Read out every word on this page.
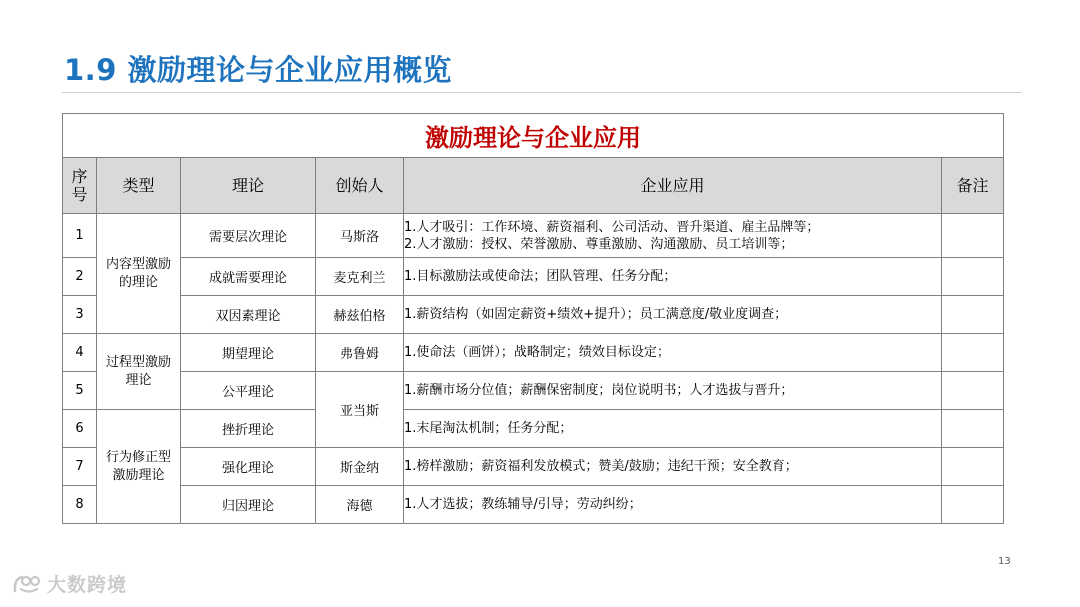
1.9 激励理论与企业应用概览
激励理论与企业应用					
序
号	类型	理论	创始人	企业应用	备注
1	内容型激励的理论	需要层次理论	马斯洛	1.人才吸引：工作环境、薪资福利、公司活动、晋升渠道、雇主品牌等；
2.人才激励：授权、荣誉激励、尊重激励、沟通激励、员工培训等；	
2		成就需要理论	麦克利兰	1.目标激励法或使命法；团队管理、任务分配；	
3		双因素理论	赫兹伯格	1.薪资结构（如固定薪资+绩效+提升）；员工满意度/敬业度调查；	
4	过程型激励理论	期望理论	弗鲁姆	1.使命法（画饼）；战略制定；绩效目标设定；	
5		公平理论	亚当斯	1.薪酬市场分位值；薪酬保密制度；岗位说明书；人才选拔与晋升；	
6	行为修正型激励理论	挫折理论		1.末尾淘汰机制；任务分配；	
7		强化理论	斯金纳	1.榜样激励；薪资福利发放模式；赞美/鼓励；违纪干预；安全教育；	
8		归因理论	海德	1.人才选拔；教练辅导/引导；劳动纠纷；	
13
大数跨境
